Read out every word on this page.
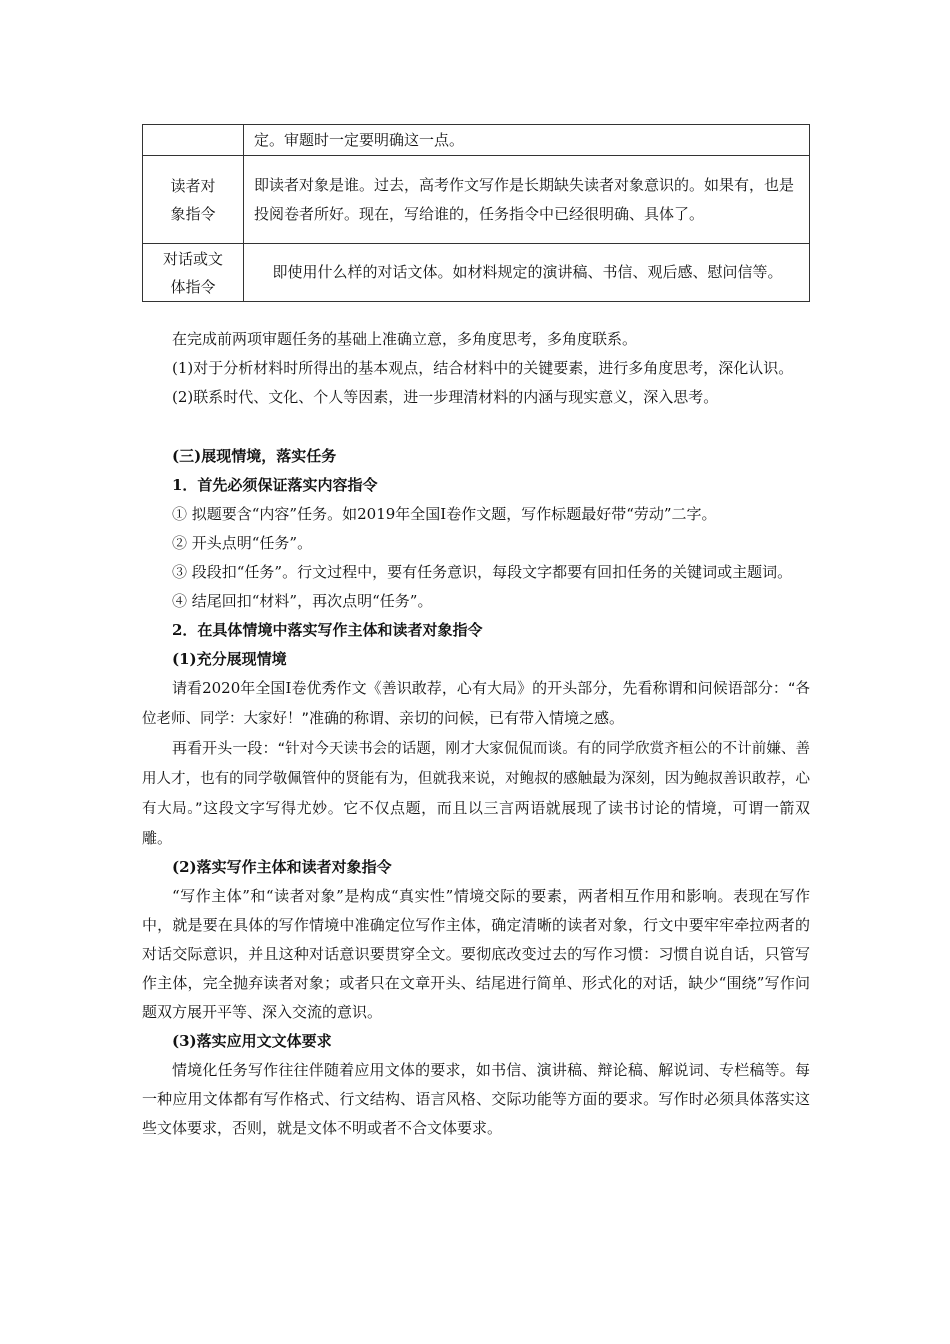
	定。审题时一定要明确这一点。
读者对象指令	即读者对象是谁。过去，高考作文写作是长期缺失读者对象意识的。如果有，也是投阅卷者所好。现在，写给谁的，任务指令中已经很明确、具体了。
对话或文体指令	即使用什么样的对话文体。如材料规定的演讲稿、书信、观后感、慰问信等。

在完成前两项审题任务的基础上准确立意，多角度思考，多角度联系。

(1)对于分析材料时所得出的基本观点，结合材料中的关键要素，进行多角度思考，深化认识。

(2)联系时代、文化、个人等因素，进一步理清材料的内涵与现实意义，深入思考。

(三)展现情境，落实任务

1．首先必须保证落实内容指令

① 拟题要含“内容”任务。如2019年全国Ⅰ卷作文题，写作标题最好带“劳动”二字。

② 开头点明“任务”。

③ 段段扣“任务”。行文过程中，要有任务意识，每段文字都要有回扣任务的关键词或主题词。

④ 结尾回扣“材料”，再次点明“任务”。

2．在具体情境中落实写作主体和读者对象指令

(1)充分展现情境

请看2020年全国Ⅰ卷优秀作文《善识敢荐，心有大局》的开头部分，先看称谓和问候语部分：“各位老师、同学：大家好！”准确的称谓、亲切的问候，已有带入情境之感。

再看开头一段：“针对今天读书会的话题，刚才大家侃侃而谈。有的同学欣赏齐桓公的不计前嫌、善用人才，也有的同学敬佩管仲的贤能有为，但就我来说，对鲍叔的感触最为深刻，因为鲍叔善识敢荐，心有大局。”这段文字写得尤妙。它不仅点题，而且以三言两语就展现了读书讨论的情境，可谓一箭双雕。

(2)落实写作主体和读者对象指令

“写作主体”和“读者对象”是构成“真实性”情境交际的要素，两者相互作用和影响。表现在写作中，就是要在具体的写作情境中准确定位写作主体，确定清晰的读者对象，行文中要牢牢牵拉两者的对话交际意识，并且这种对话意识要贯穿全文。要彻底改变过去的写作习惯：习惯自说自话，只管写作主体，完全抛弃读者对象；或者只在文章开头、结尾进行简单、形式化的对话，缺少“围绕”写作问题双方展开平等、深入交流的意识。

(3)落实应用文文体要求

情境化任务写作往往伴随着应用文体的要求，如书信、演讲稿、辩论稿、解说词、专栏稿等。每一种应用文体都有写作格式、行文结构、语言风格、交际功能等方面的要求。写作时必须具体落实这些文体要求，否则，就是文体不明或者不合文体要求。
